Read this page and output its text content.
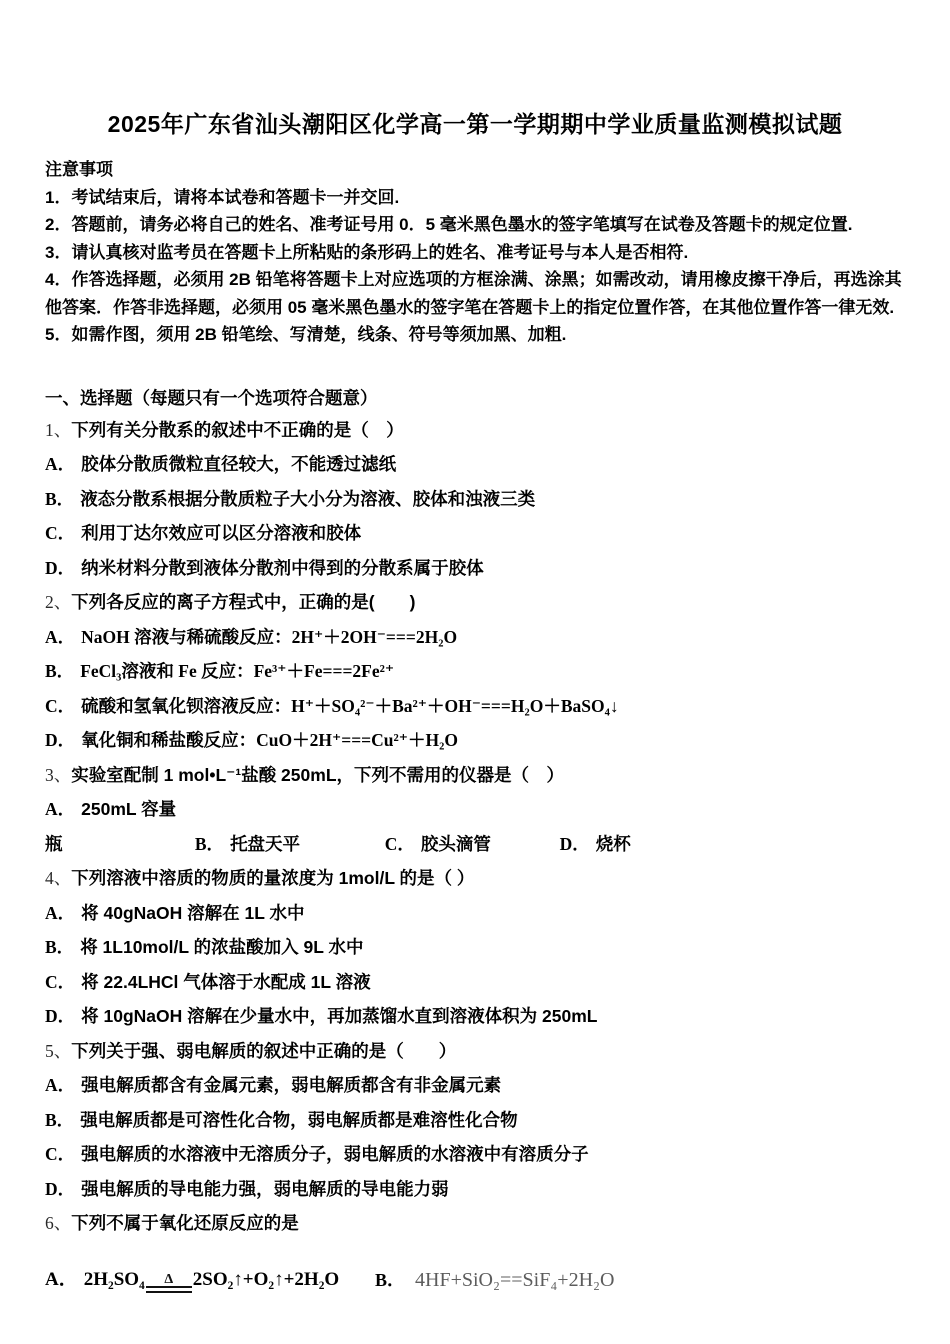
2025年广东省汕头潮阳区化学高一第一学期期中学业质量监测模拟试题
注意事项
1．考试结束后，请将本试卷和答题卡一并交回.
2．答题前，请务必将自己的姓名、准考证号用 0．5 毫米黑色墨水的签字笔填写在试卷及答题卡的规定位置.
3．请认真核对监考员在答题卡上所粘贴的条形码上的姓名、准考证号与本人是否相符.
4．作答选择题，必须用 2B 铅笔将答题卡上对应选项的方框涂满、涂黑；如需改动，请用橡皮擦干净后，再选涂其他答案．作答非选择题，必须用 05 毫米黑色墨水的签字笔在答题卡上的指定位置作答，在其他位置作答一律无效.
5．如需作图，须用 2B 铅笔绘、写清楚，线条、符号等须加黑、加粗.
一、选择题（每题只有一个选项符合题意）
1、下列有关分散系的叙述中不正确的是（　）
A． 胶体分散质微粒直径较大，不能透过滤纸
B． 液态分散系根据分散质粒子大小分为溶液、胶体和浊液三类
C． 利用丁达尔效应可以区分溶液和胶体
D． 纳米材料分散到液体分散剂中得到的分散系属于胶体
2、下列各反应的离子方程式中，正确的是(　　)
A． NaOH 溶液与稀硫酸反应：2H⁺＋2OH⁻===2H₂O
B． FeCl₃溶液和 Fe 反应：Fe³⁺＋Fe===2Fe²⁺
C． 硫酸和氢氧化钡溶液反应：H⁺＋SO₄²⁻＋Ba²⁺＋OH⁻===H₂O＋BaSO₄↓
D． 氧化铜和稀盐酸反应：CuO＋2H⁺===Cu²⁺＋H₂O
3、实验室配制 1 mol•L⁻¹盐酸 250mL，下列不需用的仪器是（　）
A． 250mL 容量瓶	B． 托盘天平	C． 胶头滴管	D． 烧杯
4、下列溶液中溶质的物质的量浓度为 1mol/L 的是（ ）
A． 将 40gNaOH 溶解在 1L 水中
B． 将 1L10mol/L 的浓盐酸加入 9L 水中
C． 将 22.4LHCl 气体溶于水配成 1L 溶液
D． 将 10gNaOH 溶解在少量水中，再加蒸馏水直到溶液体积为 250mL
5、下列关于强、弱电解质的叙述中正确的是（　　）
A． 强电解质都含有金属元素，弱电解质都含有非金属元素
B． 强电解质都是可溶性化合物，弱电解质都是难溶性化合物
C． 强电解质的水溶液中无溶质分子，弱电解质的水溶液中有溶质分子
D． 强电解质的导电能力强，弱电解质的导电能力弱
6、下列不属于氧化还原反应的是
A． 2H₂SO₄ Δ 2SO₂↑+O₂↑+2H₂O	B． 4HF+SiO₂==SiF₄+2H₂O
